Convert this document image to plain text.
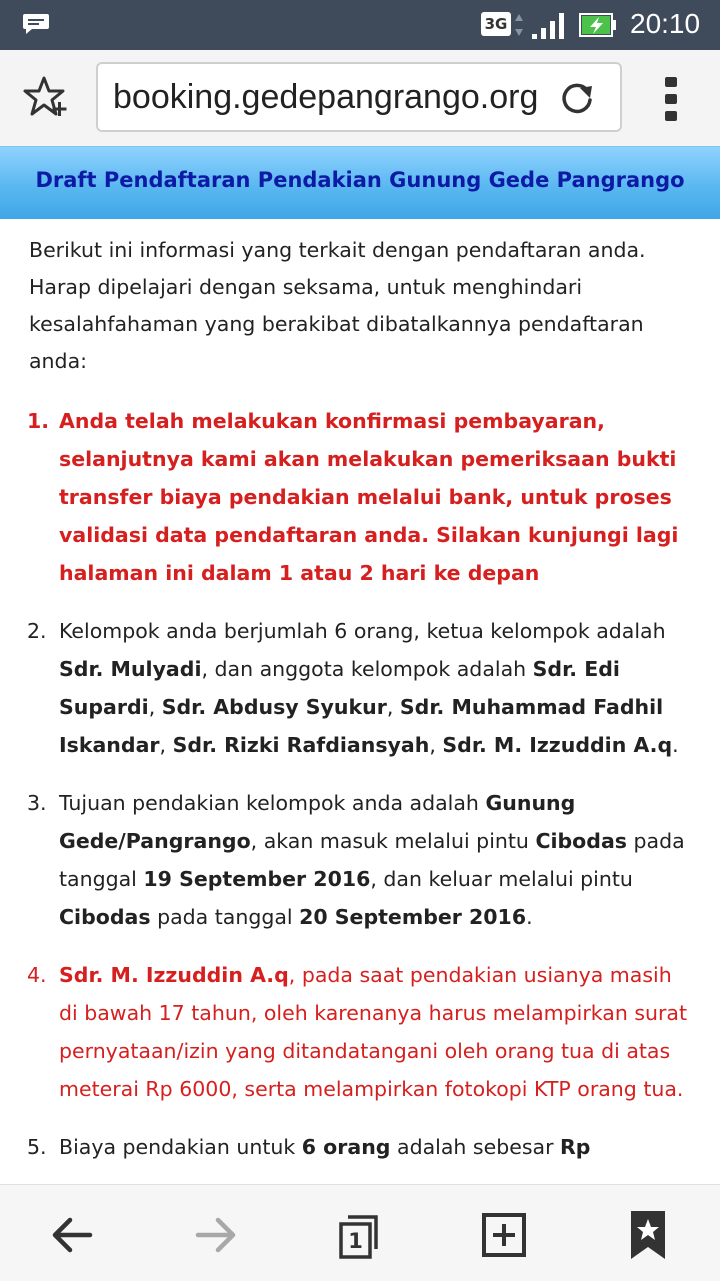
3G	20:10
booking.gedepangrango.org
Draft Pendaftaran Pendakian Gunung Gede Pangrango

Berikut ini informasi yang terkait dengan pendaftaran anda. Harap dipelajari dengan seksama, untuk menghindari kesalahfahaman yang berakibat dibatalkannya pendaftaran anda:

1. Anda telah melakukan konfirmasi pembayaran, selanjutnya kami akan melakukan pemeriksaan bukti transfer biaya pendakian melalui bank, untuk proses validasi data pendaftaran anda. Silakan kunjungi lagi halaman ini dalam 1 atau 2 hari ke depan
2. Kelompok anda berjumlah 6 orang, ketua kelompok adalah Sdr. Mulyadi, dan anggota kelompok adalah Sdr. Edi Supardi, Sdr. Abdusy Syukur, Sdr. Muhammad Fadhil Iskandar, Sdr. Rizki Rafdiansyah, Sdr. M. Izzuddin A.q.
3. Tujuan pendakian kelompok anda adalah Gunung Gede/Pangrango, akan masuk melalui pintu Cibodas pada tanggal 19 September 2016, dan keluar melalui pintu Cibodas pada tanggal 20 September 2016.
4. Sdr. M. Izzuddin A.q, pada saat pendakian usianya masih di bawah 17 tahun, oleh karenanya harus melampirkan surat pernyataan/izin yang ditandatangani oleh orang tua di atas meterai Rp 6000, serta melampirkan fotokopi KTP orang tua.
5. Biaya pendakian untuk 6 orang adalah sebesar Rp
1
